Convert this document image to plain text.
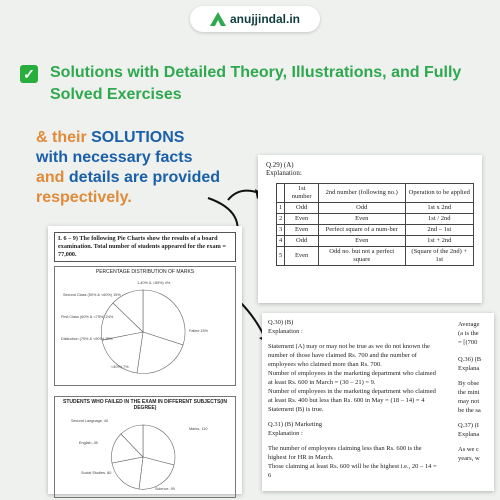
anujjindal.in
✓ Solutions with Detailed Theory, Illustrations, and Fully Solved Exercises
& their SOLUTIONS
with necessary facts
and details are provided
respectively.
Q.29) (A)
Explanation:
	1st number	2nd number (following no.)	Operation to be applied
1	Odd	Odd	1st x 2nd
2	Even	Even	1st / 2nd
3	Even	Perfect square of a num-ber	2nd – 1st
4	Odd	Even	1st + 2nd
5	Even	Odd no. but not a perfect square	(Square of the 2nd) + 1st
I. 6 – 9) The following Pie Charts show the results of a board examination. Total number of students appeared for the exam = 77,000.
PERCENTAGE DISTRIBUTION OF MARKS
Second Class (50% & <60%) 15%
1-40% & <50%) 4%
First Class (60% & <75%) 24%
Distinction (75% & <90%) 25%
<40%) 7%
Failed 15%
STUDENTS WHO FAILED IN THE EXAM IN DIFFERENT SUBJECTS(IN DEGREE)
Second Language, 40
Marks, 110
English, 45
Social Studies, 80
Science, 90
Q.30) (B)
Explanation :
Statement (A) may or may not be true as we do not known the
number of those have claimed Rs. 700 and the number of
employees who claimed more than Rs. 700.
Number of employees in the marketing department who claimed
at least Rs. 600 in March = (30 – 21) = 9.
Number of employees in the marketing department who claimed
at least Rs. 400 but less than Rs. 600 in May = (18 – 14) = 4
Statement (B) is true.
Q.31) (B) Marketing
Explanation :
The number of employees claiming less than Rs. 600 is the
highest for HR in March.
Those claiming at least Rs. 600 will be the highest i.e., 20 – 14 =
6
Average
(a is the
= [(700
Q.36) (B
Explana
By obse
the mini
may not
be the sa
Q.37) (I
Explana
As we c
years, w
